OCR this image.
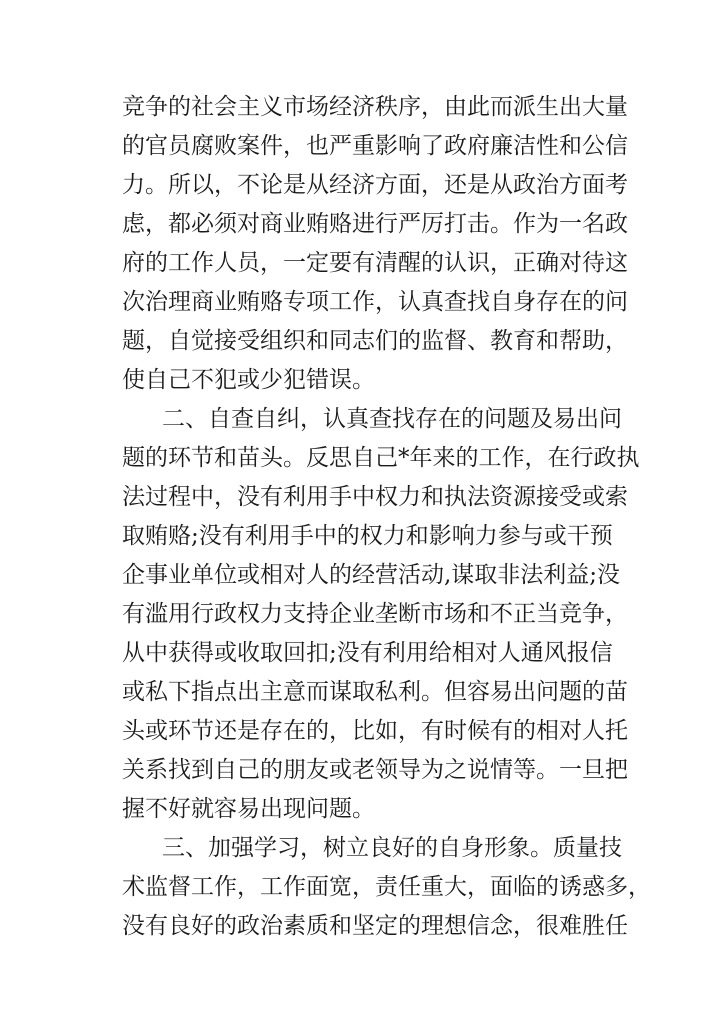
竞争的社会主义市场经济秩序，由此而派生出大量
的官员腐败案件，也严重影响了政府廉洁性和公信
力。所以，不论是从经济方面，还是从政治方面考
虑，都必须对商业贿赂进行严厉打击。作为一名政
府的工作人员，一定要有清醒的认识，正确对待这
次治理商业贿赂专项工作，认真查找自身存在的问
题，自觉接受组织和同志们的监督、教育和帮助，
使自己不犯或少犯错误。
二、自查自纠，认真查找存在的问题及易出问
题的环节和苗头。反思自己*年来的工作，在行政执
法过程中，没有利用手中权力和执法资源接受或索
取贿赂;没有利用手中的权力和影响力参与或干预
企事业单位或相对人的经营活动,谋取非法利益;没
有滥用行政权力支持企业垄断市场和不正当竞争，
从中获得或收取回扣;没有利用给相对人通风报信
或私下指点出主意而谋取私利。但容易出问题的苗
头或环节还是存在的，比如，有时候有的相对人托
关系找到自己的朋友或老领导为之说情等。一旦把
握不好就容易出现问题。
三、加强学习，树立良好的自身形象。质量技
术监督工作，工作面宽，责任重大，面临的诱惑多，
没有良好的政治素质和坚定的理想信念，很难胜任
